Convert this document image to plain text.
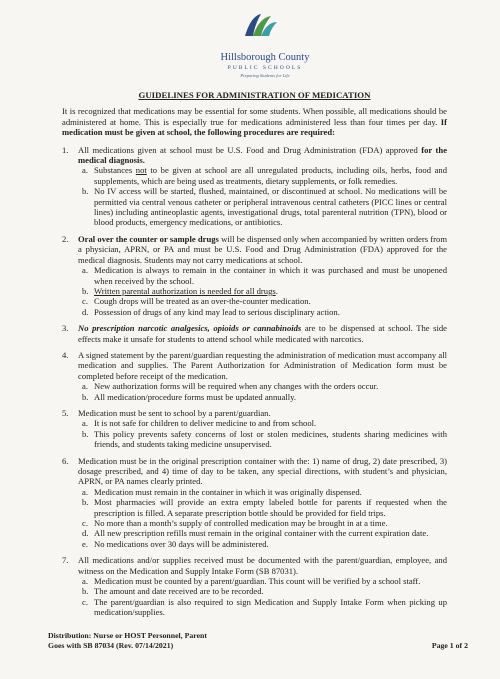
Hillsborough County
PUBLIC SCHOOLS
Preparing Students for Life
GUIDELINES FOR ADMINISTRATION OF MEDICATION

It is recognized that medications may be essential for some students. When possible, all medications should be administered at home. This is especially true for medications administered less than four times per day. If medication must be given at school, the following procedures are required:

1. All medications given at school must be U.S. Food and Drug Administration (FDA) approved for the medical diagnosis.
a. Substances not to be given at school are all unregulated products, including oils, herbs, food and supplements, which are being used as treatments, dietary supplements, or folk remedies.
b. No IV access will be started, flushed, maintained, or discontinued at school. No medications will be permitted via central venous catheter or peripheral intravenous central catheters (PICC lines or central lines) including antineoplastic agents, investigational drugs, total parenteral nutrition (TPN), blood or blood products, emergency medications, or antibiotics.
2. Oral over the counter or sample drugs will be dispensed only when accompanied by written orders from a physician, APRN, or PA and must be U.S. Food and Drug Administration (FDA) approved for the medical diagnosis. Students may not carry medications at school.
a. Medication is always to remain in the container in which it was purchased and must be unopened when received by the school.
b. Written parental authorization is needed for all drugs.
c. Cough drops will be treated as an over-the-counter medication.
d. Possession of drugs of any kind may lead to serious disciplinary action.
3. No prescription narcotic analgesics, opioids or cannabinoids are to be dispensed at school. The side effects make it unsafe for students to attend school while medicated with narcotics.
4. A signed statement by the parent/guardian requesting the administration of medication must accompany all medication and supplies. The Parent Authorization for Administration of Medication form must be completed before receipt of the medication.
a. New authorization forms will be required when any changes with the orders occur.
b. All medication/procedure forms must be updated annually.
5. Medication must be sent to school by a parent/guardian.
a. It is not safe for children to deliver medicine to and from school.
b. This policy prevents safety concerns of lost or stolen medicines, students sharing medicines with friends, and students taking medicine unsupervised.
6. Medication must be in the original prescription container with the: 1) name of drug, 2) date prescribed, 3) dosage prescribed, and 4) time of day to be taken, any special directions, with student’s and physician, APRN, or PA names clearly printed.
a. Medication must remain in the container in which it was originally dispensed.
b. Most pharmacies will provide an extra empty labeled bottle for parents if requested when the prescription is filled. A separate prescription bottle should be provided for field trips.
c. No more than a month’s supply of controlled medication may be brought in at a time.
d. All new prescription refills must remain in the original container with the current expiration date.
e. No medications over 30 days will be administered.
7. All medications and/or supplies received must be documented with the parent/guardian, employee, and witness on the Medication and Supply Intake Form (SB 87031).
a. Medication must be counted by a parent/guardian. This count will be verified by a school staff.
b. The amount and date received are to be recorded.
c. The parent/guardian is also required to sign Medication and Supply Intake Form when picking up medication/supplies.
Distribution: Nurse or HOST Personnel, Parent
Goes with SB 87034 (Rev. 07/14/2021)	Page 1 of 2
